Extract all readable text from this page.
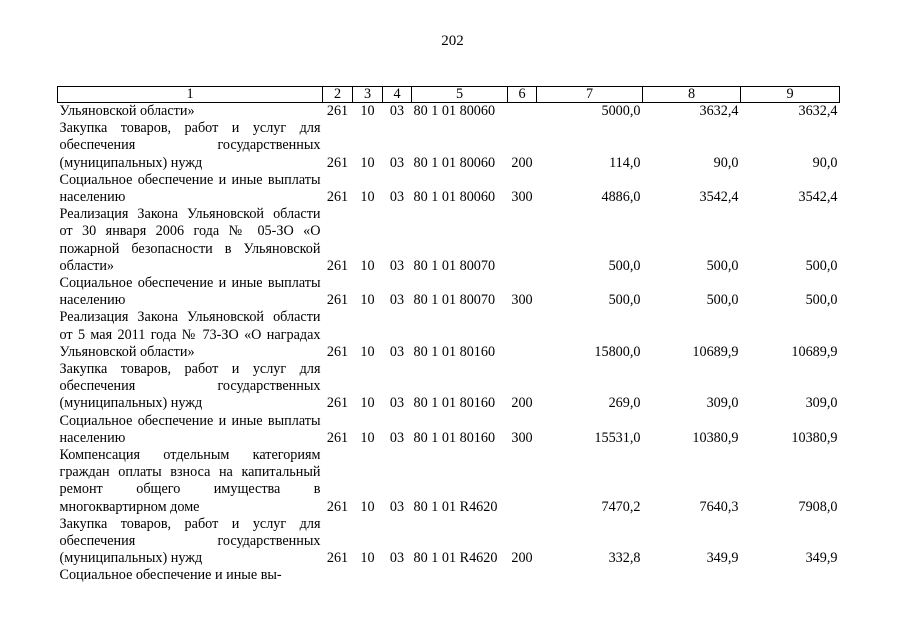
202
1	2	3	4	5	6	7	8	9
Ульяновской области»	261	10	03	80 1 01 80060		5000,0	3632,4	3632,4
Закупка товаров, работ и услуг для обеспечения государственных (муниципальных) нужд	261	10	03	80 1 01 80060	200	114,0	90,0	90,0
Социальное обеспечение и иные выплаты населению	261	10	03	80 1 01 80060	300	4886,0	3542,4	3542,4
Реализация Закона Ульяновской области от 30 января 2006 года № 05-ЗО «О пожарной безопасности в Ульяновской области»	261	10	03	80 1 01 80070		500,0	500,0	500,0
Социальное обеспечение и иные выплаты населению	261	10	03	80 1 01 80070	300	500,0	500,0	500,0
Реализация Закона Ульяновской области от 5 мая 2011 года № 73-ЗО «О наградах Ульяновской области»	261	10	03	80 1 01 80160		15800,0	10689,9	10689,9
Закупка товаров, работ и услуг для обеспечения государственных (муниципальных) нужд	261	10	03	80 1 01 80160	200	269,0	309,0	309,0
Социальное обеспечение и иные выплаты населению	261	10	03	80 1 01 80160	300	15531,0	10380,9	10380,9
Компенсация отдельным категориям граждан оплаты взноса на капитальный ремонт общего имущества в многоквартирном доме	261	10	03	80 1 01 R4620		7470,2	7640,3	7908,0
Закупка товаров, работ и услуг для обеспечения государственных (муниципальных) нужд	261	10	03	80 1 01 R4620	200	332,8	349,9	349,9
Социальное обеспечение и иные вы-								
